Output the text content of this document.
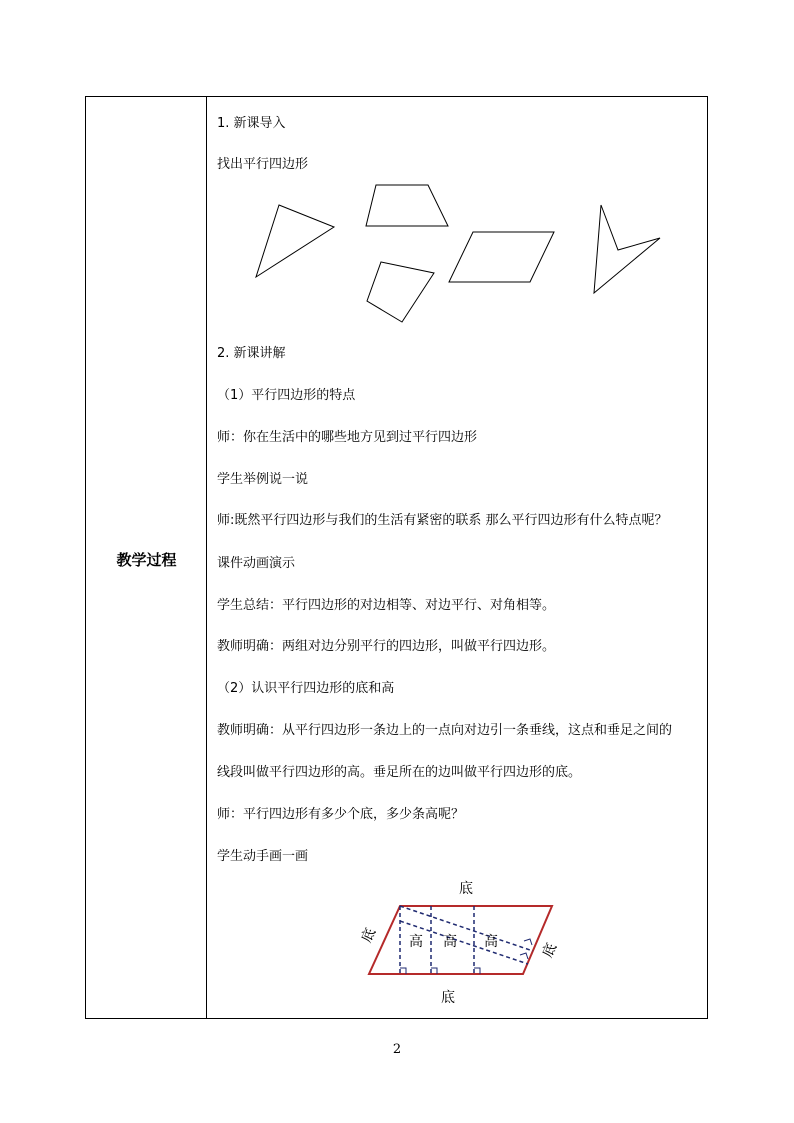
教学过程
1. 新课导入
找出平行四边形
2. 新课讲解
（1）平行四边形的特点
师：你在生活中的哪些地方见到过平行四边形
学生举例说一说
师:既然平行四边形与我们的生活有紧密的联系 那么平行四边形有什么特点呢？
课件动画演示
学生总结：平行四边形的对边相等、对边平行、对角相等。
教师明确：两组对边分别平行的四边形，叫做平行四边形。
（2）认识平行四边形的底和高
教师明确：从平行四边形一条边上的一点向对边引一条垂线，这点和垂足之间的
线段叫做平行四边形的高。垂足所在的边叫做平行四边形的底。
师：平行四边形有多少个底，多少条高呢？
学生动手画一画
底
底
底
底
高 高 高
2
